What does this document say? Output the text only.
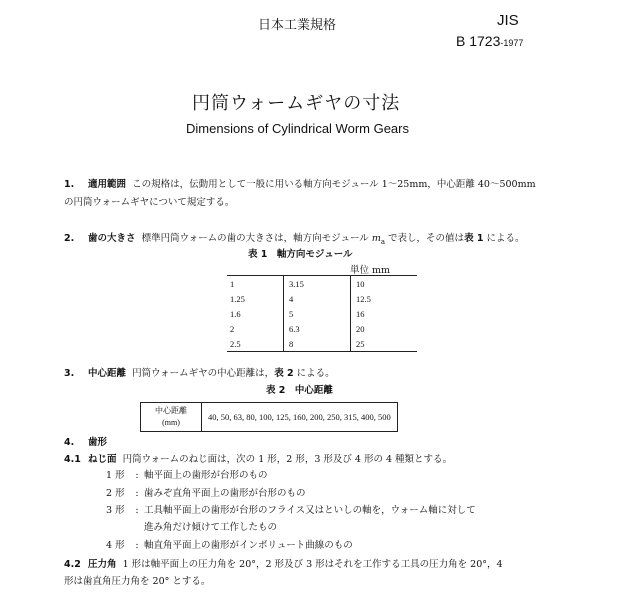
日本工業規格	JIS
B 1723-1977
円筒ウォームギヤの寸法
Dimensions of Cylindrical Worm Gears
1. 適用範囲 この規格は，伝動用として一般に用いる軸方向モジュール 1～25mm，中心距離 40～500mm
の円筒ウォームギヤについて規定する。
2. 歯の大きさ 標準円筒ウォームの歯の大きさは，軸方向モジュール $m_a$ で表し，その値は表 1 による。
表 1　軸方向モジュール
単位 mm
1	3.15	10
1.25	4	12.5
1.6	5	16
2	6.3	20
2.5	8	25
3. 中心距離 円筒ウォームギヤの中心距離は，表 2 による。
表 2　中心距離
中心距離
(mm)
	40, 50, 63, 80, 100, 125, 160, 200, 250, 315, 400, 500
4. 歯形
4.1 ねじ面 円筒ウォームのねじ面は，次の 1 形，2 形，3 形及び 4 形の 4 種類とする。
1 形 : 軸平面上の歯形が台形のもの
2 形 : 歯みぞ直角平面上の歯形が台形のもの
3 形 : 工具軸平面上の歯形が台形のフライス又はといしの軸を，ウォーム軸に対して
進み角だけ傾けて工作したもの
4 形 : 軸直角平面上の歯形がインボリュート曲線のもの
4.2 圧力角 1 形は軸平面上の圧力角を 20°，2 形及び 3 形はそれを工作する工具の圧力角を 20°，4
形は歯直角圧力角を 20° とする。
